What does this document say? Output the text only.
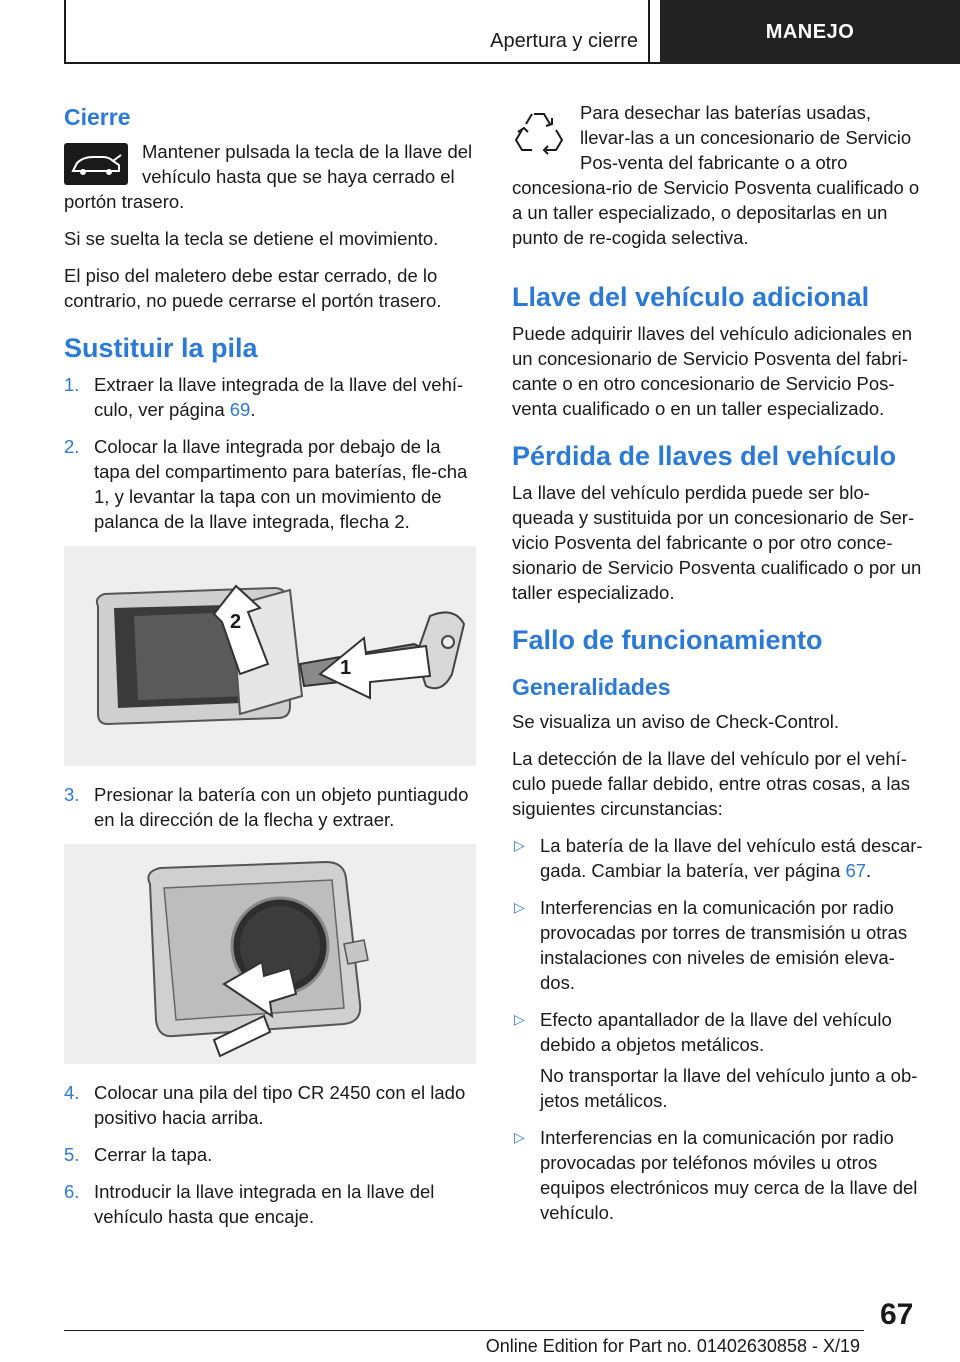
Apertura y cierre	MANEJO
Cierre

Mantener pulsada la tecla de la llave del vehículo hasta que se haya cerrado el portón trasero.

Si se suelta la tecla se detiene el movimiento.

El piso del maletero debe estar cerrado, de lo contrario, no puede cerrarse el portón trasero.

Sustituir la pila
1. Extraer la llave integrada de la llave del vehí‐culo, ver página 69.
2. Colocar la llave integrada por debajo de la tapa del compartimento para baterías, fle‐cha 1, y levantar la tapa con un movimiento de palanca de la llave integrada, flecha 2.
2
1
3. Presionar la batería con un objeto puntiagudo en la dirección de la flecha y extraer.
4. Colocar una pila del tipo CR 2450 con el lado positivo hacia arriba.
5. Cerrar la tapa.
6. Introducir la llave integrada en la llave del vehículo hasta que encaje.

Para desechar las baterías usadas, llevar‐las a un concesionario de Servicio Pos‐venta del fabricante o a otro concesiona‐rio de Servicio Posventa cualificado o a un taller especializado, o depositarlas en un punto de re‐cogida selectiva.

Llave del vehículo adicional

Puede adquirir llaves del vehículo adicionales en un concesionario de Servicio Posventa del fabri‐cante o en otro concesionario de Servicio Pos‐venta cualificado o en un taller especializado.

Pérdida de llaves del vehículo

La llave del vehículo perdida puede ser blo‐queada y sustituida por un concesionario de Ser‐vicio Posventa del fabricante o por otro conce‐sionario de Servicio Posventa cualificado o por un taller especializado.

Fallo de funcionamiento
Generalidades

Se visualiza un aviso de Check-Control.

La detección de la llave del vehículo por el vehí‐culo puede fallar debido, entre otras cosas, a las siguientes circunstancias:

▷ La batería de la llave del vehículo está descar‐gada. Cambiar la batería, ver página 67.
▷ Interferencias en la comunicación por radio provocadas por torres de transmisión u otras instalaciones con niveles de emisión eleva‐dos.
▷ Efecto apantallador de la llave del vehículo debido a objetos metálicos.
No transportar la llave del vehículo junto a ob‐jetos metálicos.
▷ Interferencias en la comunicación por radio provocadas por teléfonos móviles u otros equipos electrónicos muy cerca de la llave del vehículo.
67
Online Edition for Part no. 01402630858 - X/19
